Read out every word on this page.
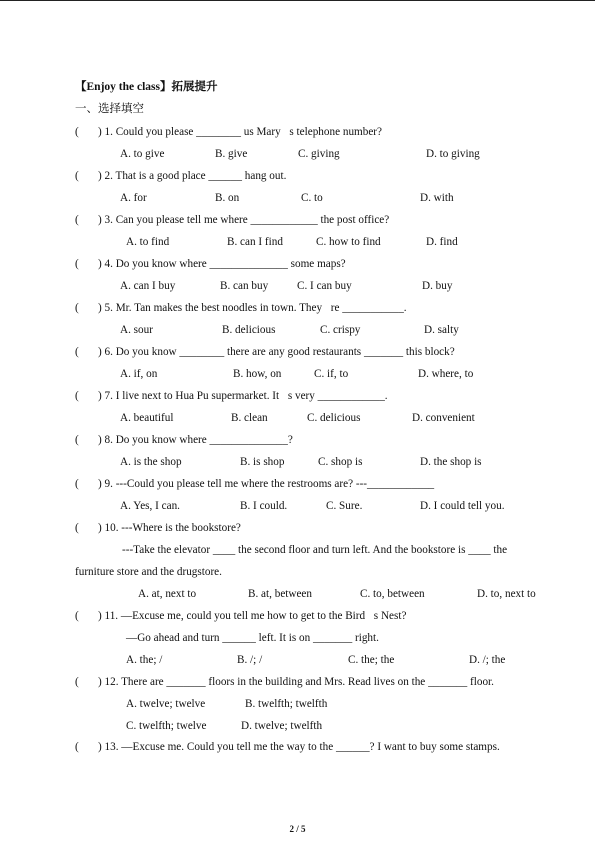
【Enjoy the class】拓展提升
一、选择填空
( ) 1. Could you please ________ us Mary s telephone number?
A. to give	B. give	C. giving	D. to giving
( ) 2. That is a good place ______ hang out.
A. for	B. on	C. to	D. with
( ) 3. Can you please tell me where ____________ the post office?
A. to find	B. can I find	C. how to find	D. find
( ) 4. Do you know where ______________ some maps?
A. can I buy	B. can buy	C. I can buy	D. buy
( ) 5. Mr. Tan makes the best noodles in town. They re ___________.
A. sour	B. delicious	C. crispy	D. salty
( ) 6. Do you know ________ there are any good restaurants _______ this block?
A. if, on	B. how, on	C. if, to	D. where, to
( ) 7. I live next to Hua Pu supermarket. It s very ____________.
A. beautiful	B. clean	C. delicious	D. convenient
( ) 8. Do you know where ______________?
A. is the shop	B. is shop	C. shop is	D. the shop is
( ) 9. ---Could you please tell me where the restrooms are? ---____________
A. Yes, I can.	B. I could.	C. Sure.	D. I could tell you.
( ) 10. ---Where is the bookstore?
---Take the elevator ____ the second floor and turn left. And the bookstore is ____ the
furniture store and the drugstore.
A. at, next to	B. at, between	C. to, between	D. to, next to
( ) 11. —Excuse me, could you tell me how to get to the Bird s Nest?
—Go ahead and turn ______ left. It is on _______ right.
A. the; /	B. /; /	C. the; the	D. /; the
( ) 12. There are _______ floors in the building and Mrs. Read lives on the _______ floor.
A. twelve; twelve	B. twelfth; twelfth
C. twelfth; twelve	D. twelve; twelfth
( ) 13. —Excuse me. Could you tell me the way to the ______? I want to buy some stamps.
2 / 5
